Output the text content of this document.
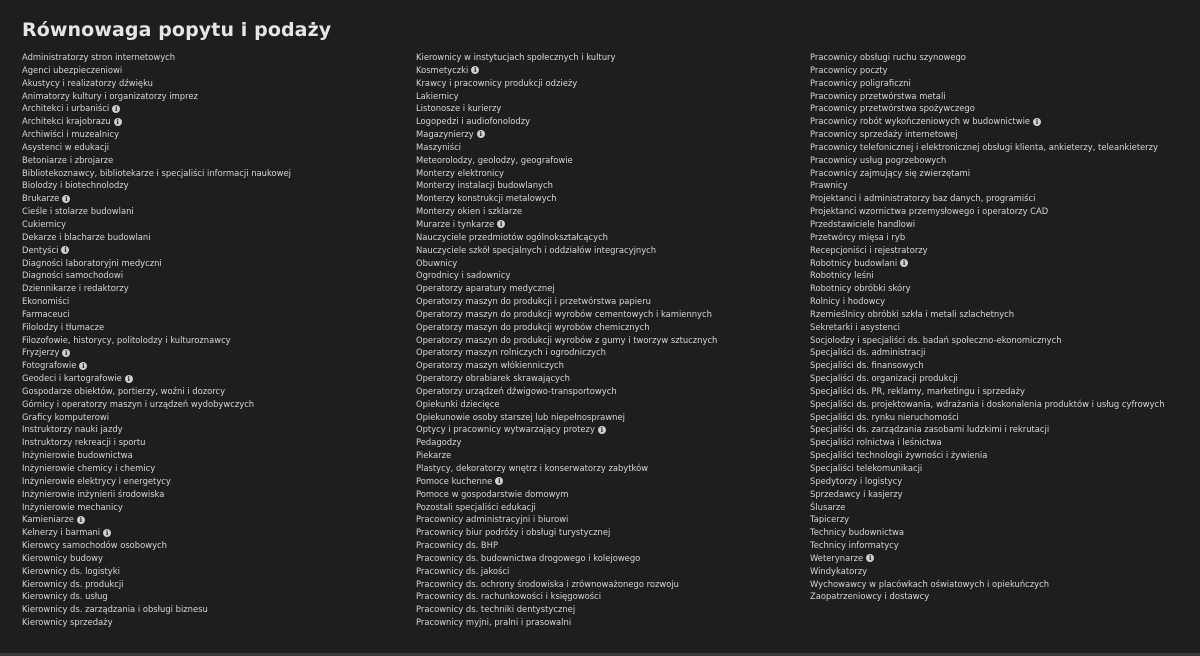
Równowaga popytu i podaży
Administratorzy stron internetowych
Agenci ubezpieczeniowi
Akustycy i realizatorzy dźwięku
Animatorzy kultury i organizatorzy imprez
Architekci i urbaniści i
Architekci krajobrazu i
Archiwiści i muzealnicy
Asystenci w edukacji
Betoniarze i zbrojarze
Bibliotekoznawcy, bibliotekarze i specjaliści informacji naukowej
Biolodzy i biotechnolodzy
Brukarze i
Cieśle i stolarze budowlani
Cukiernicy
Dekarze i blacharze budowlani
Dentyści i
Diagności laboratoryjni medyczni
Diagności samochodowi
Dziennikarze i redaktorzy
Ekonomiści
Farmaceuci
Filolodzy i tłumacze
Filozofowie, historycy, politolodzy i kulturoznawcy
Fryzjerzy i
Fotografowie i
Geodeci i kartografowie i
Gospodarze obiektów, portierzy, woźni i dozorcy
Górnicy i operatorzy maszyn i urządzeń wydobywczych
Graficy komputerowi
Instruktorzy nauki jazdy
Instruktorzy rekreacji i sportu
Inżynierowie budownictwa
Inżynierowie chemicy i chemicy
Inżynierowie elektrycy i energetycy
Inżynierowie inżynierii środowiska
Inżynierowie mechanicy
Kamieniarze i
Kelnerzy i barmani i
Kierowcy samochodów osobowych
Kierownicy budowy
Kierownicy ds. logistyki
Kierownicy ds. produkcji
Kierownicy ds. usług
Kierownicy ds. zarządzania i obsługi biznesu
Kierownicy sprzedaży
Kierownicy w instytucjach społecznych i kultury
Kosmetyczki i
Krawcy i pracownicy produkcji odzieży
Lakiernicy
Listonosze i kurierzy
Logopedzi i audiofonolodzy
Magazynierzy i
Maszyniści
Meteorolodzy, geolodzy, geografowie
Monterzy elektronicy
Monterzy instalacji budowlanych
Monterzy konstrukcji metalowych
Monterzy okien i szklarze
Murarze i tynkarze i
Nauczyciele przedmiotów ogólnokształcących
Nauczyciele szkół specjalnych i oddziałów integracyjnych
Obuwnicy
Ogrodnicy i sadownicy
Operatorzy aparatury medycznej
Operatorzy maszyn do produkcji i przetwórstwa papieru
Operatorzy maszyn do produkcji wyrobów cementowych i kamiennych
Operatorzy maszyn do produkcji wyrobów chemicznych
Operatorzy maszyn do produkcji wyrobów z gumy i tworzyw sztucznych
Operatorzy maszyn rolniczych i ogrodniczych
Operatorzy maszyn włókienniczych
Operatorzy obrabiarek skrawających
Operatorzy urządzeń dźwigowo-transportowych
Opiekunki dziecięce
Opiekunowie osoby starszej lub niepełnosprawnej
Optycy i pracownicy wytwarzający protezy i
Pedagodzy
Piekarze
Plastycy, dekoratorzy wnętrz i konserwatorzy zabytków
Pomoce kuchenne i
Pomoce w gospodarstwie domowym
Pozostali specjaliści edukacji
Pracownicy administracyjni i biurowi
Pracownicy biur podróży i obsługi turystycznej
Pracownicy ds. BHP
Pracownicy ds. budownictwa drogowego i kolejowego
Pracownicy ds. jakości
Pracownicy ds. ochrony środowiska i zrównoważonego rozwoju
Pracownicy ds. rachunkowości i księgowości
Pracownicy ds. techniki dentystycznej
Pracownicy myjni, pralni i prasowalni
Pracownicy obsługi ruchu szynowego
Pracownicy poczty
Pracownicy poligraficzni
Pracownicy przetwórstwa metali
Pracownicy przetwórstwa spożywczego
Pracownicy robót wykończeniowych w budownictwie i
Pracownicy sprzedaży internetowej
Pracownicy telefonicznej i elektronicznej obsługi klienta, ankieterzy, teleankieterzy
Pracownicy usług pogrzebowych
Pracownicy zajmujący się zwierzętami
Prawnicy
Projektanci i administratorzy baz danych, programiści
Projektanci wzornictwa przemysłowego i operatorzy CAD
Przedstawiciele handlowi
Przetwórcy mięsa i ryb
Recepcjoniści i rejestratorzy
Robotnicy budowlani i
Robotnicy leśni
Robotnicy obróbki skóry
Rolnicy i hodowcy
Rzemieślnicy obróbki szkła i metali szlachetnych
Sekretarki i asystenci
Socjolodzy i specjaliści ds. badań społeczno-ekonomicznych
Specjaliści ds. administracji
Specjaliści ds. finansowych
Specjaliści ds. organizacji produkcji
Specjaliści ds. PR, reklamy, marketingu i sprzedaży
Specjaliści ds. projektowania, wdrażania i doskonalenia produktów i usług cyfrowych
Specjaliści ds. rynku nieruchomości
Specjaliści ds. zarządzania zasobami ludzkimi i rekrutacji
Specjaliści rolnictwa i leśnictwa
Specjaliści technologii żywności i żywienia
Specjaliści telekomunikacji
Spedytorzy i logistycy
Sprzedawcy i kasjerzy
Ślusarze
Tapicerzy
Technicy budownictwa
Technicy informatycy
Weterynarze i
Windykatorzy
Wychowawcy w placówkach oświatowych i opiekuńczych
Zaopatrzeniowcy i dostawcy
